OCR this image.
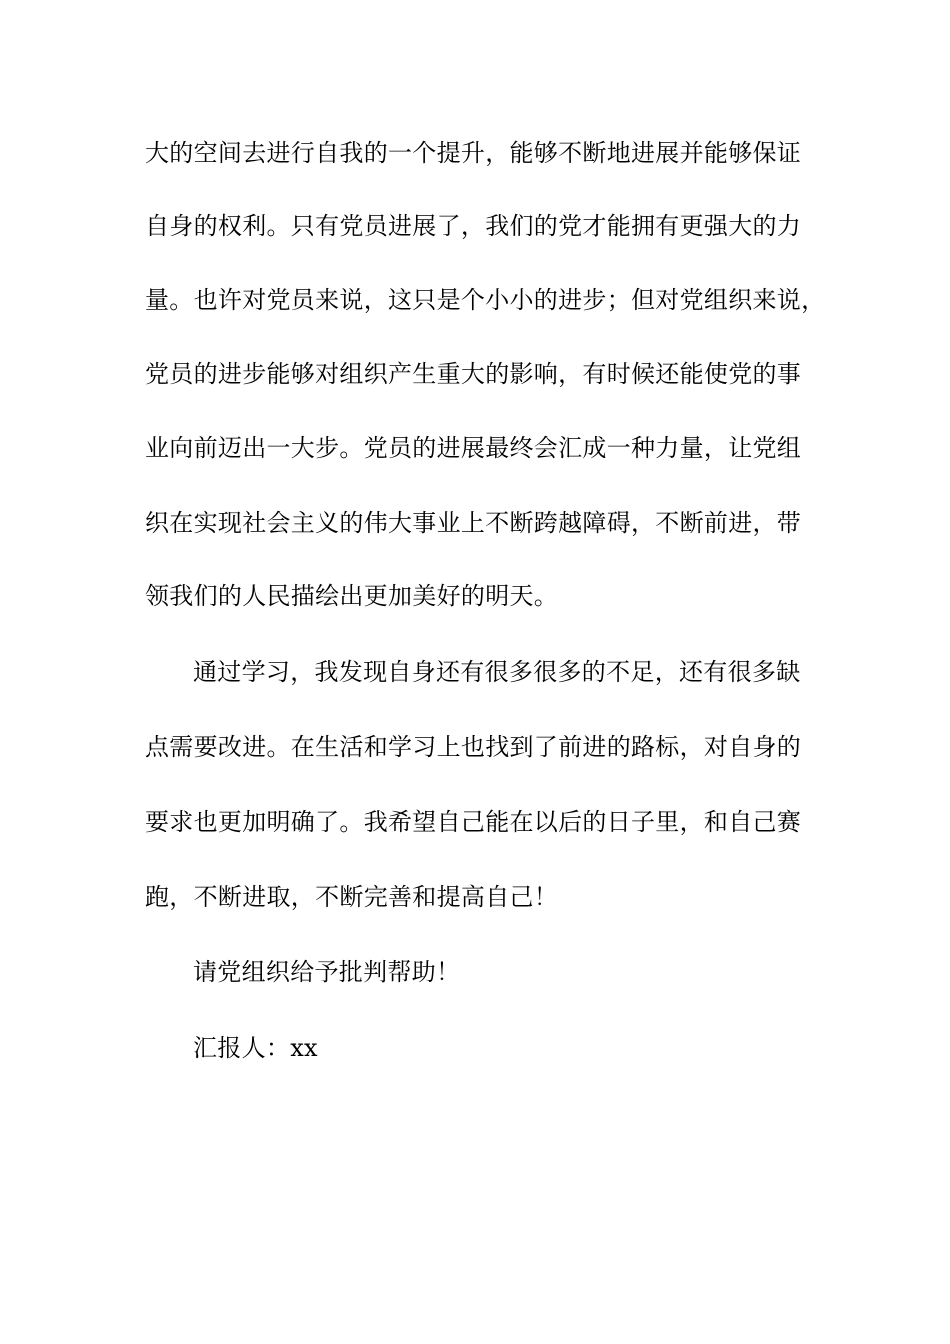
大的空间去进行自我的一个提升，能够不断地进展并能够保证
自身的权利。只有党员进展了，我们的党才能拥有更强大的力
量。也许对党员来说，这只是个小小的进步；但对党组织来说，
党员的进步能够对组织产生重大的影响，有时候还能使党的事
业向前迈出一大步。党员的进展最终会汇成一种力量，让党组
织在实现社会主义的伟大事业上不断跨越障碍，不断前进，带
领我们的人民描绘出更加美好的明天。
通过学习，我发现自身还有很多很多的不足，还有很多缺
点需要改进。在生活和学习上也找到了前进的路标，对自身的
要求也更加明确了。我希望自己能在以后的日子里，和自己赛
跑，不断进取，不断完善和提高自己！
请党组织给予批判帮助！
汇报人：xx
